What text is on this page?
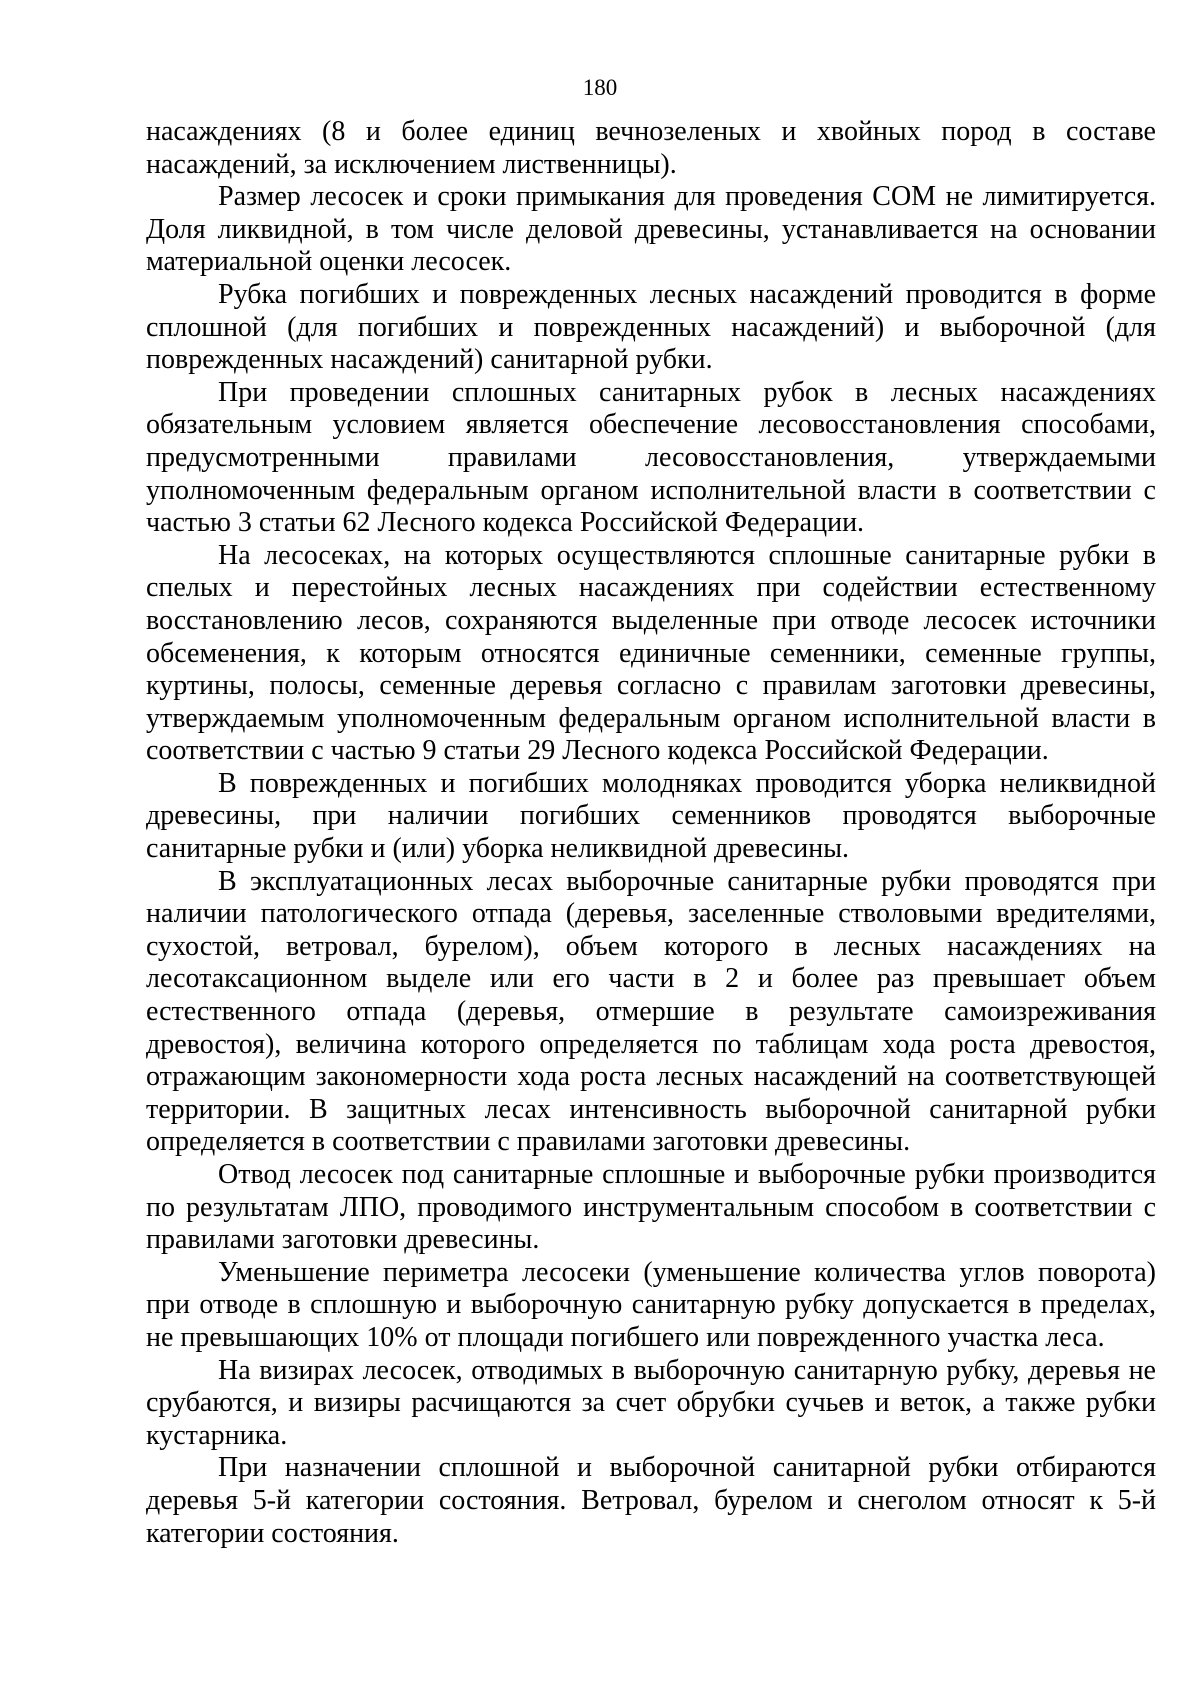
180

насаждениях (8 и более единиц вечнозеленых и хвойных пород в составе насаждений, за исключением лиственницы).

Размер лесосек и сроки примыкания для проведения СОМ не лимитируется. Доля ликвидной, в том числе деловой древесины, устанавливается на основании материальной оценки лесосек.

Рубка погибших и поврежденных лесных насаждений проводится в форме сплошной (для погибших и поврежденных насаждений) и выборочной (для поврежденных насаждений) санитарной рубки.

При проведении сплошных санитарных рубок в лесных насаждениях обязательным условием является обеспечение лесовосстановления способами, предусмотренными правилами лесовосстановления, утверждаемыми уполномоченным федеральным органом исполнительной власти в соответствии с частью 3 статьи 62 Лесного кодекса Российской Федерации.

На лесосеках, на которых осуществляются сплошные санитарные рубки в спелых и перестойных лесных насаждениях при содействии естественному восстановлению лесов, сохраняются выделенные при отводе лесосек источники обсеменения, к которым относятся единичные семенники, семенные группы, куртины, полосы, семенные деревья согласно с правилам заготовки древесины, утверждаемым уполномоченным федеральным органом исполнительной власти в соответствии с частью 9 статьи 29 Лесного кодекса Российской Федерации.

В поврежденных и погибших молодняках проводится уборка неликвидной древесины, при наличии погибших семенников проводятся выборочные санитарные рубки и (или) уборка неликвидной древесины.

В эксплуатационных лесах выборочные санитарные рубки проводятся при наличии патологического отпада (деревья, заселенные стволовыми вредителями, сухостой, ветровал, бурелом), объем которого в лесных насаждениях на лесотаксационном выделе или его части в 2 и более раз превышает объем естественного отпада (деревья, отмершие в результате самоизреживания древостоя), величина которого определяется по таблицам хода роста древостоя, отражающим закономерности хода роста лесных насаждений на соответствующей территории. В защитных лесах интенсивность выборочной санитарной рубки определяется в соответствии с правилами заготовки древесины.

Отвод лесосек под санитарные сплошные и выборочные рубки производится по результатам ЛПО, проводимого инструментальным способом в соответствии с правилами заготовки древесины.

Уменьшение периметра лесосеки (уменьшение количества углов поворота) при отводе в сплошную и выборочную санитарную рубку допускается в пределах, не превышающих 10% от площади погибшего или поврежденного участка леса.

На визирах лесосек, отводимых в выборочную санитарную рубку, деревья не срубаются, и визиры расчищаются за счет обрубки сучьев и веток, а также рубки кустарника.

При назначении сплошной и выборочной санитарной рубки отбираются деревья 5-й категории состояния. Ветровал, бурелом и снеголом относят к 5-й категории состояния.
